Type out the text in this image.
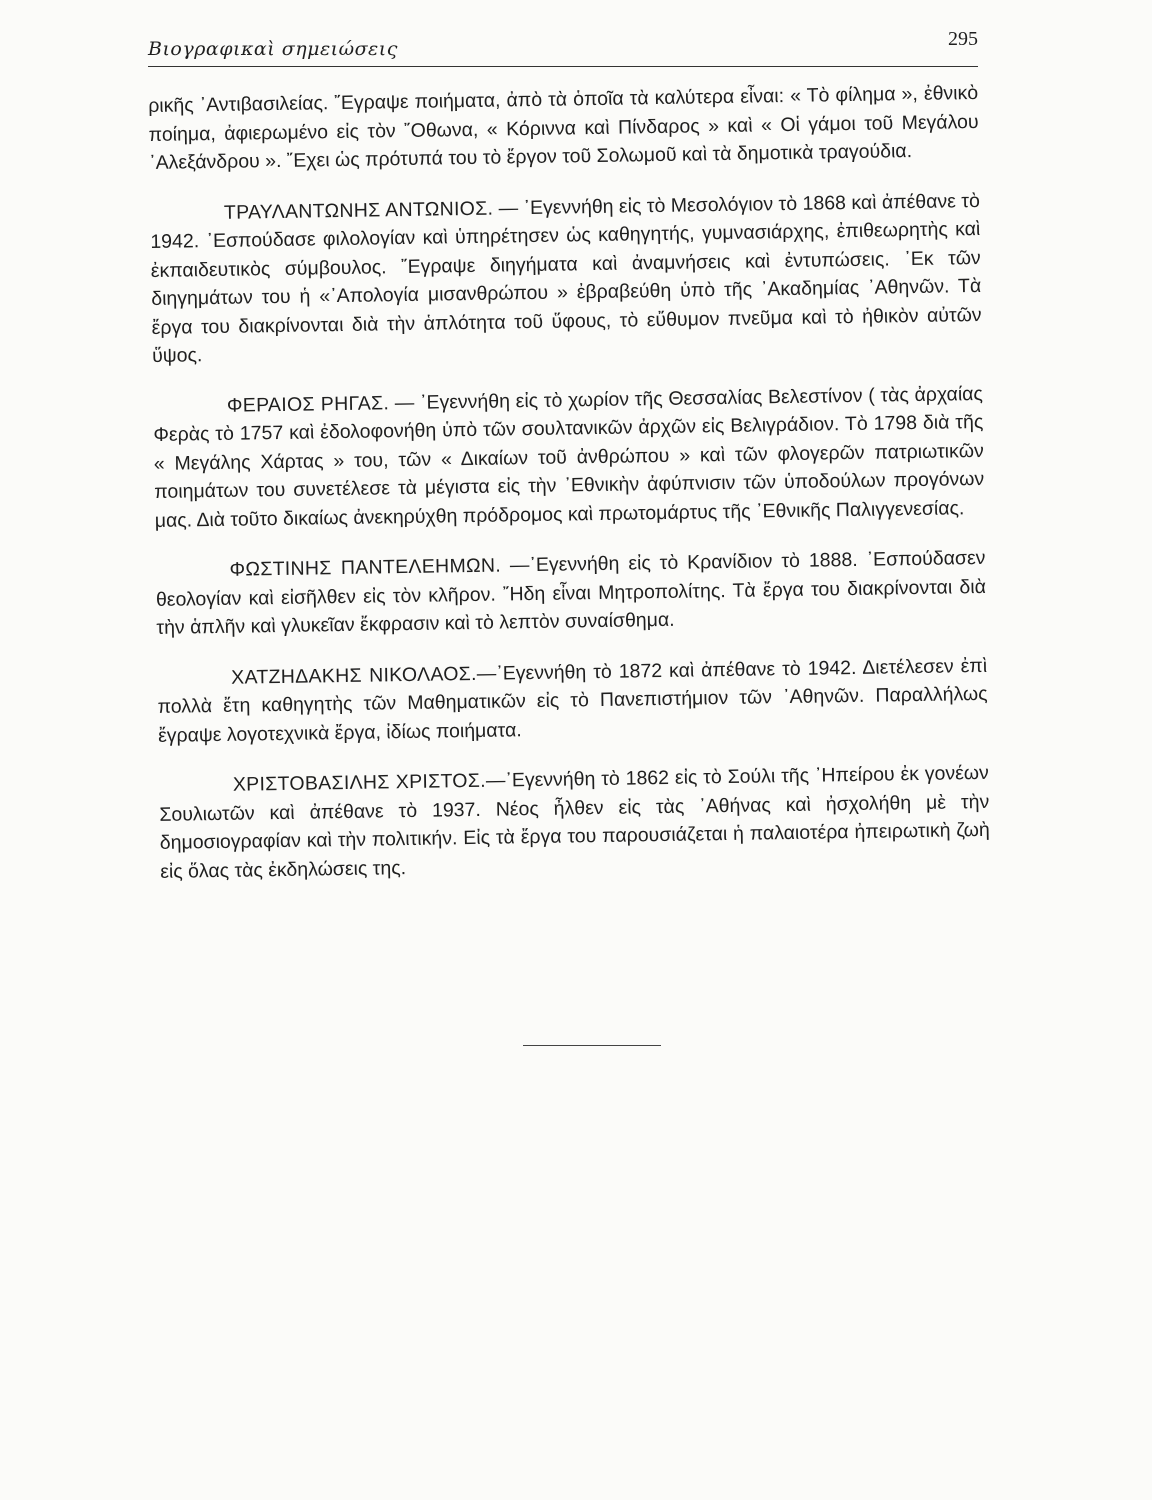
Βιογραφικαὶ σημειώσεις	295

ρικῆς ᾿Αντιβασιλείας. ῎Εγραψε ποιήματα, ἀπὸ τὰ ὁποῖα τὰ καλύτερα εἶναι: « Τὸ φίλημα », ἐθνικὸ ποίημα, ἀφιερωμένο εἰς τὸν ῎Οθωνα, « Κόριννα καὶ Πίνδαρος » καὶ « Οἱ γάμοι τοῦ Μεγάλου ᾿Αλεξάνδρου ». ῎Εχει ὡς πρότυπά του τὸ ἔργον τοῦ Σολωμοῦ καὶ τὰ δημοτικὰ τραγούδια.

ΤΡΑΥΛΑΝΤΩΝΗΣ ΑΝΤΩΝΙΟΣ. — ᾿Εγεννήθη εἰς τὸ Μεσολόγιον τὸ 1868 καὶ ἀπέθανε τὸ 1942. ᾿Εσπούδασε φιλολογίαν καὶ ὑπηρέτησεν ὡς καθηγητής, γυμνασιάρχης, ἐπιθεωρητὴς καὶ ἐκπαιδευτικὸς σύμβουλος. ῎Εγραψε διηγήματα καὶ ἀναμνήσεις καὶ ἐντυπώσεις. ᾿Εκ τῶν διηγημάτων του ἡ «᾿Απολογία μισανθρώπου » ἐβραβεύθη ὑπὸ τῆς ᾿Ακαδημίας ᾿Αθηνῶν. Τὰ ἔργα του διακρίνονται διὰ τὴν ἁπλότητα τοῦ ὕφους, τὸ εὔθυμον πνεῦμα καὶ τὸ ἠθικὸν αὐτῶν ὕψος.

ΦΕΡΑΙΟΣ ΡΗΓΑΣ. — ᾿Εγεννήθη εἰς τὸ χωρίον τῆς Θεσσαλίας Βελεστίνον ( τὰς ἀρχαίας Φερὰς τὸ 1757 καὶ ἐδολοφονήθη ὑπὸ τῶν σουλτανικῶν ἀρχῶν εἰς Βελιγράδιον. Τὸ 1798 διὰ τῆς « Μεγάλης Χάρτας » του, τῶν « Δικαίων τοῦ ἀνθρώπου » καὶ τῶν φλογερῶν πατριωτικῶν ποιημάτων του συνετέλεσε τὰ μέγιστα εἰς τὴν ᾿Εθνικὴν ἀφύπνισιν τῶν ὑποδούλων προγόνων μας. Διὰ τοῦτο δικαίως ἀνεκηρύχθη πρόδρομος καὶ πρωτομάρτυς τῆς ᾿Εθνικῆς Παλιγγενεσίας.

ΦΩΣΤΙΝΗΣ ΠΑΝΤΕΛΕΗΜΩΝ. —᾿Εγεννήθη εἰς τὸ Κρανίδιον τὸ 1888. ᾿Εσπούδασεν θεολογίαν καὶ εἰσῆλθεν εἰς τὸν κλῆρον. ῎Ηδη εἶναι Μητροπολίτης. Τὰ ἔργα του διακρίνονται διὰ τὴν ἁπλῆν καὶ γλυκεῖαν ἔκφρασιν καὶ τὸ λεπτὸν συναίσθημα.

ΧΑΤΖΗΔΑΚΗΣ ΝΙΚΟΛΑΟΣ.—᾿Εγεννήθη τὸ 1872 καὶ ἀπέθανε τὸ 1942. Διετέλεσεν ἐπὶ πολλὰ ἔτη καθηγητὴς τῶν Μαθηματικῶν εἰς τὸ Πανεπιστήμιον τῶν ᾿Αθηνῶν. Παραλλήλως ἔγραψε λογοτεχνικὰ ἔργα, ἰδίως ποιήματα.

ΧΡΙΣΤΟΒΑΣΙΛΗΣ ΧΡΙΣΤΟΣ.—᾿Εγεννήθη τὸ 1862 εἰς τὸ Σούλι τῆς ᾿Ηπείρου ἐκ γονέων Σουλιωτῶν καὶ ἀπέθανε τὸ 1937. Νέος ἦλθεν εἰς τὰς ᾿Αθήνας καὶ ἠσχολήθη μὲ τὴν δημοσιογραφίαν καὶ τὴν πολιτικήν. Εἰς τὰ ἔργα του παρουσιάζεται ἡ παλαιοτέρα ἠπειρωτικὴ ζωὴ εἰς ὅλας τὰς ἐκδηλώσεις της.
